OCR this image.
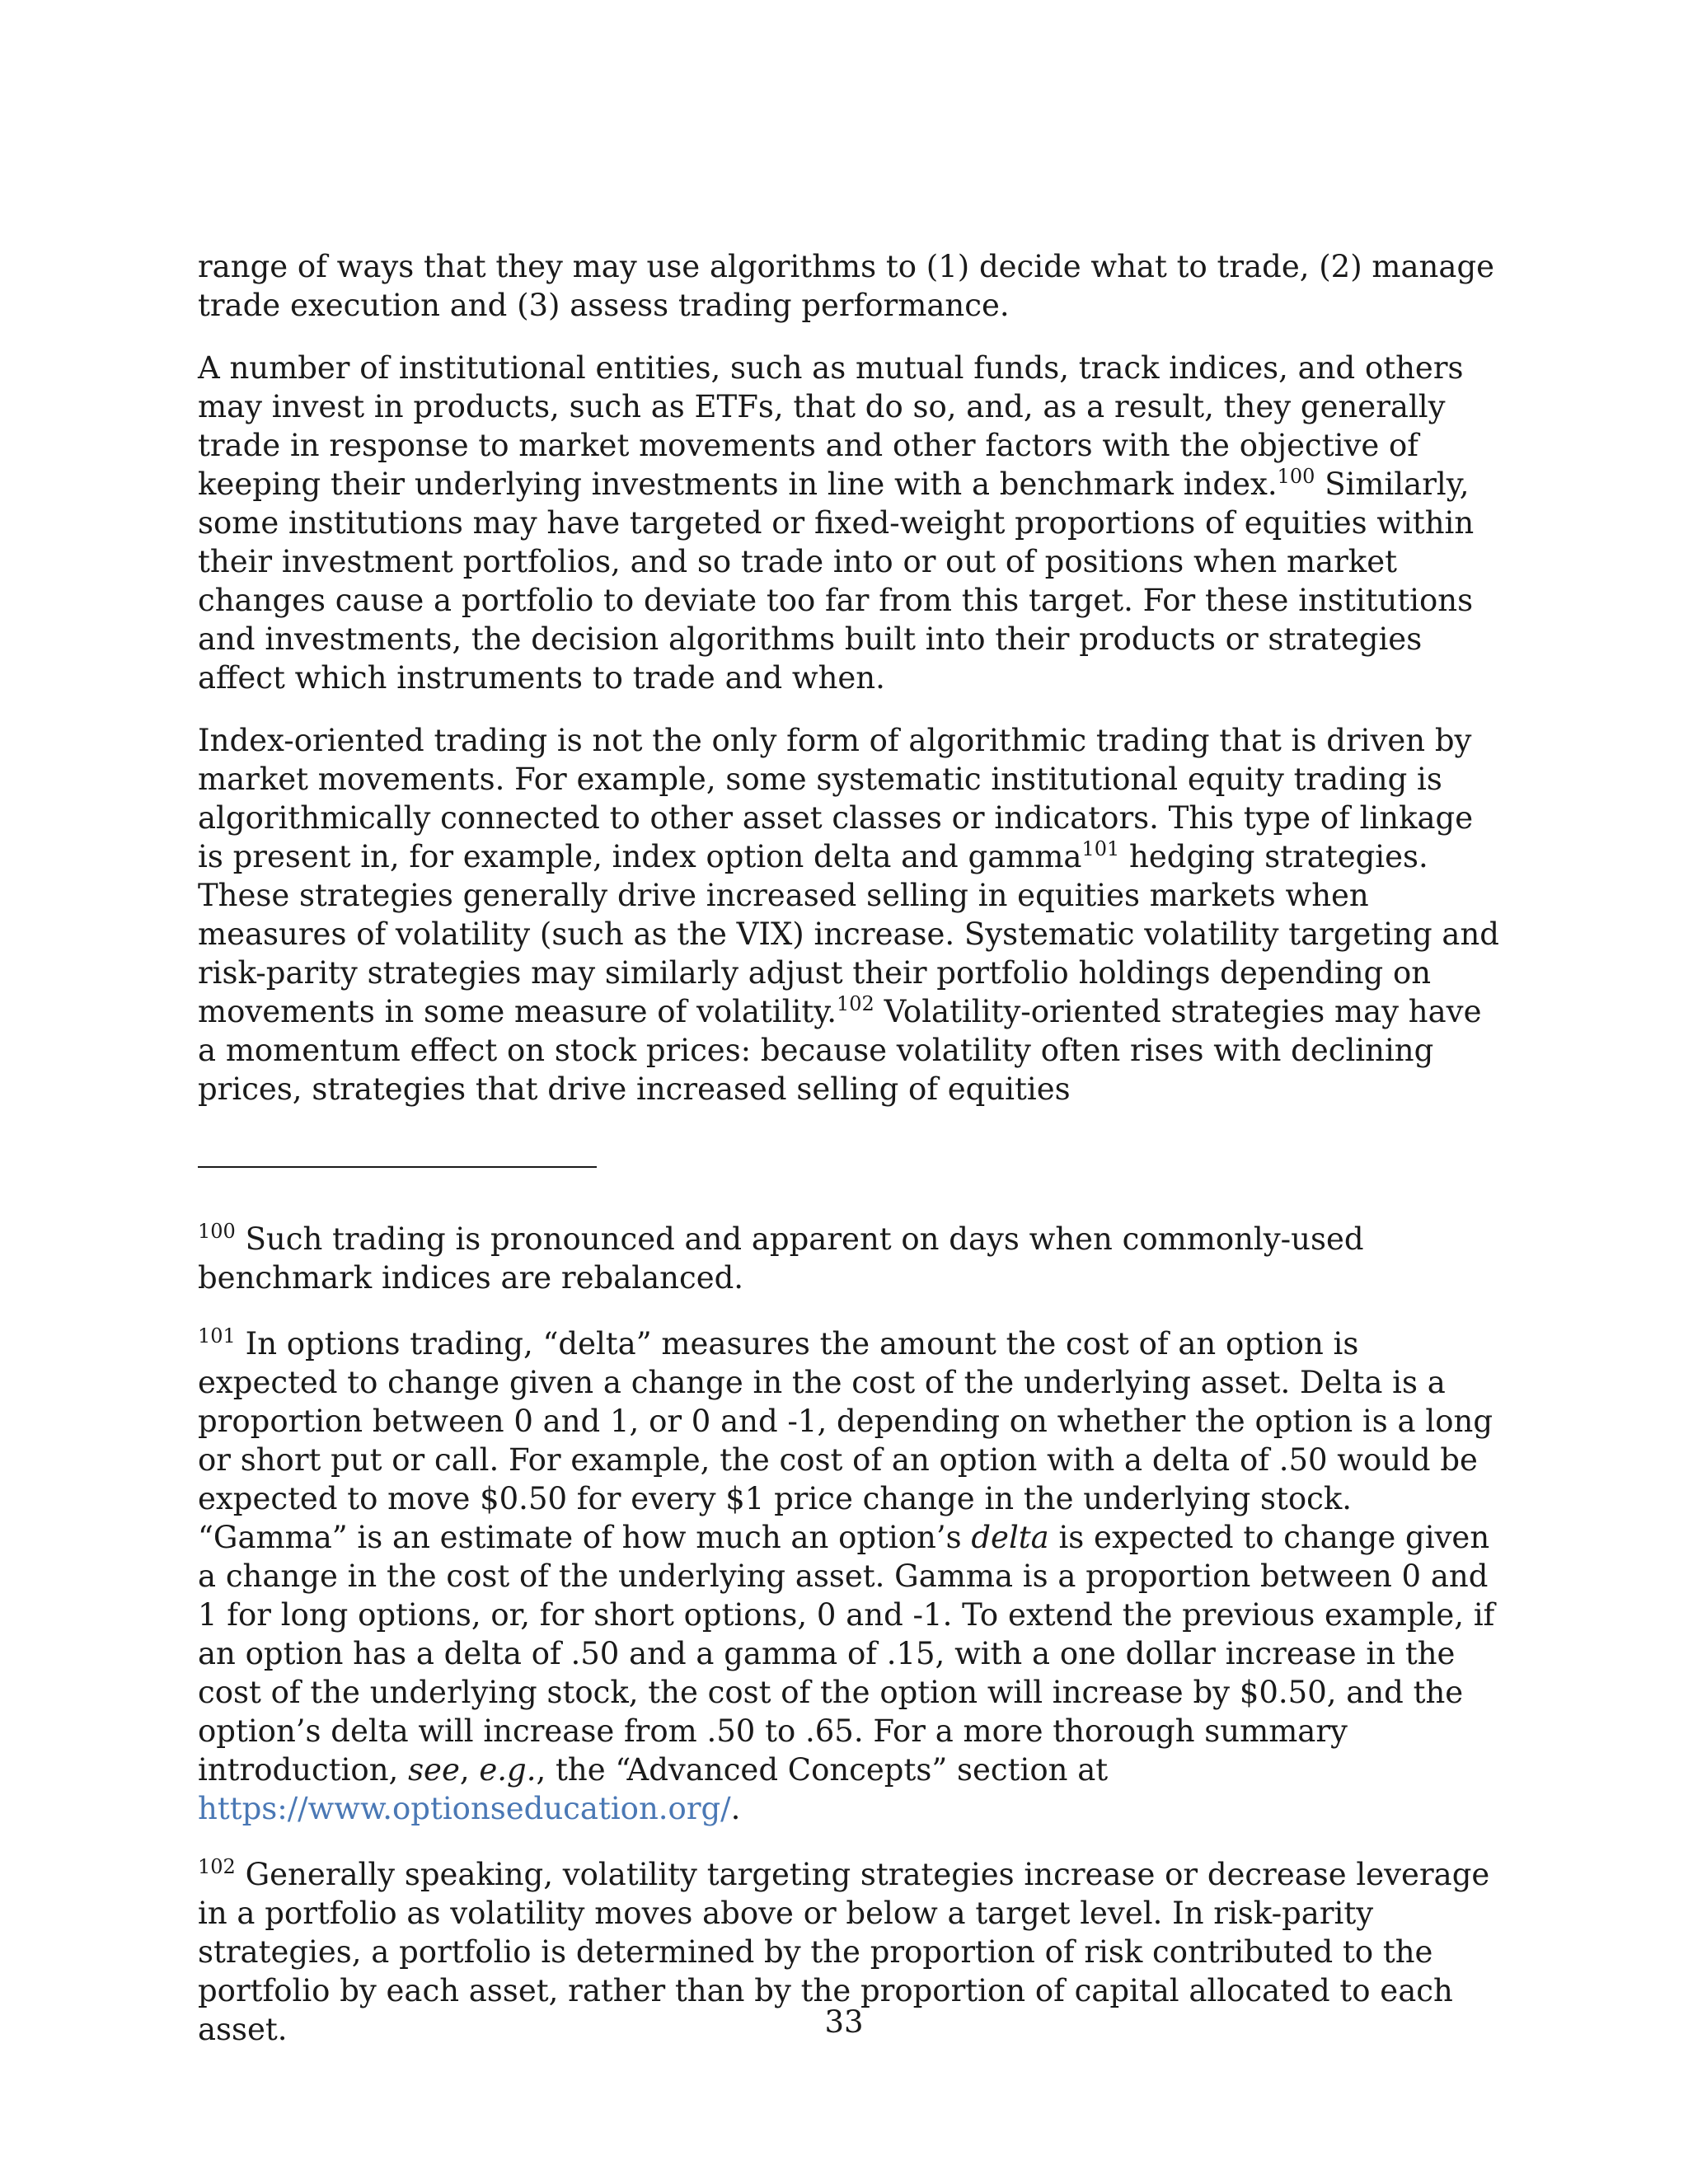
range of ways that they may use algorithms to (1) decide what to trade, (2) manage trade execution and (3) assess trading performance.

A number of institutional entities, such as mutual funds, track indices, and others may invest in products, such as ETFs, that do so, and, as a result, they generally trade in response to market movements and other factors with the objective of keeping their underlying investments in line with a benchmark index.$^{100}$ Similarly, some institutions may have targeted or fixed-weight proportions of equities within their investment portfolios, and so trade into or out of positions when market changes cause a portfolio to deviate too far from this target. For these institutions and investments, the decision algorithms built into their products or strategies affect which instruments to trade and when.

Index-oriented trading is not the only form of algorithmic trading that is driven by market movements. For example, some systematic institutional equity trading is algorithmically connected to other asset classes or indicators. This type of linkage is present in, for example, index option delta and gamma$^{101}$ hedging strategies. These strategies generally drive increased selling in equities markets when measures of volatility (such as the VIX) increase. Systematic volatility targeting and risk-parity strategies may similarly adjust their portfolio holdings depending on movements in some measure of volatility.$^{102}$ Volatility-oriented strategies may have a momentum effect on stock prices: because volatility often rises with declining prices, strategies that drive increased selling of equities

$^{100}$ Such trading is pronounced and apparent on days when commonly-used benchmark indices are rebalanced.

$^{101}$ In options trading, “delta” measures the amount the cost of an option is expected to change given a change in the cost of the underlying asset. Delta is a proportion between 0 and 1, or 0 and -1, depending on whether the option is a long or short put or call. For example, the cost of an option with a delta of .50 would be expected to move $0.50 for every $1 price change in the underlying stock. “Gamma” is an estimate of how much an option’s delta is expected to change given a change in the cost of the underlying asset. Gamma is a proportion between 0 and 1 for long options, or, for short options, 0 and -1. To extend the previous example, if an option has a delta of .50 and a gamma of .15, with a one dollar increase in the cost of the underlying stock, the cost of the option will increase by $0.50, and the option’s delta will increase from .50 to .65. For a more thorough summary introduction, see, e.g., the “Advanced Concepts” section at https://www.optionseducation.org/.

$^{102}$ Generally speaking, volatility targeting strategies increase or decrease leverage in a portfolio as volatility moves above or below a target level. In risk-parity strategies, a portfolio is determined by the proportion of risk contributed to the portfolio by each asset, rather than by the proportion of capital allocated to each asset.	33
